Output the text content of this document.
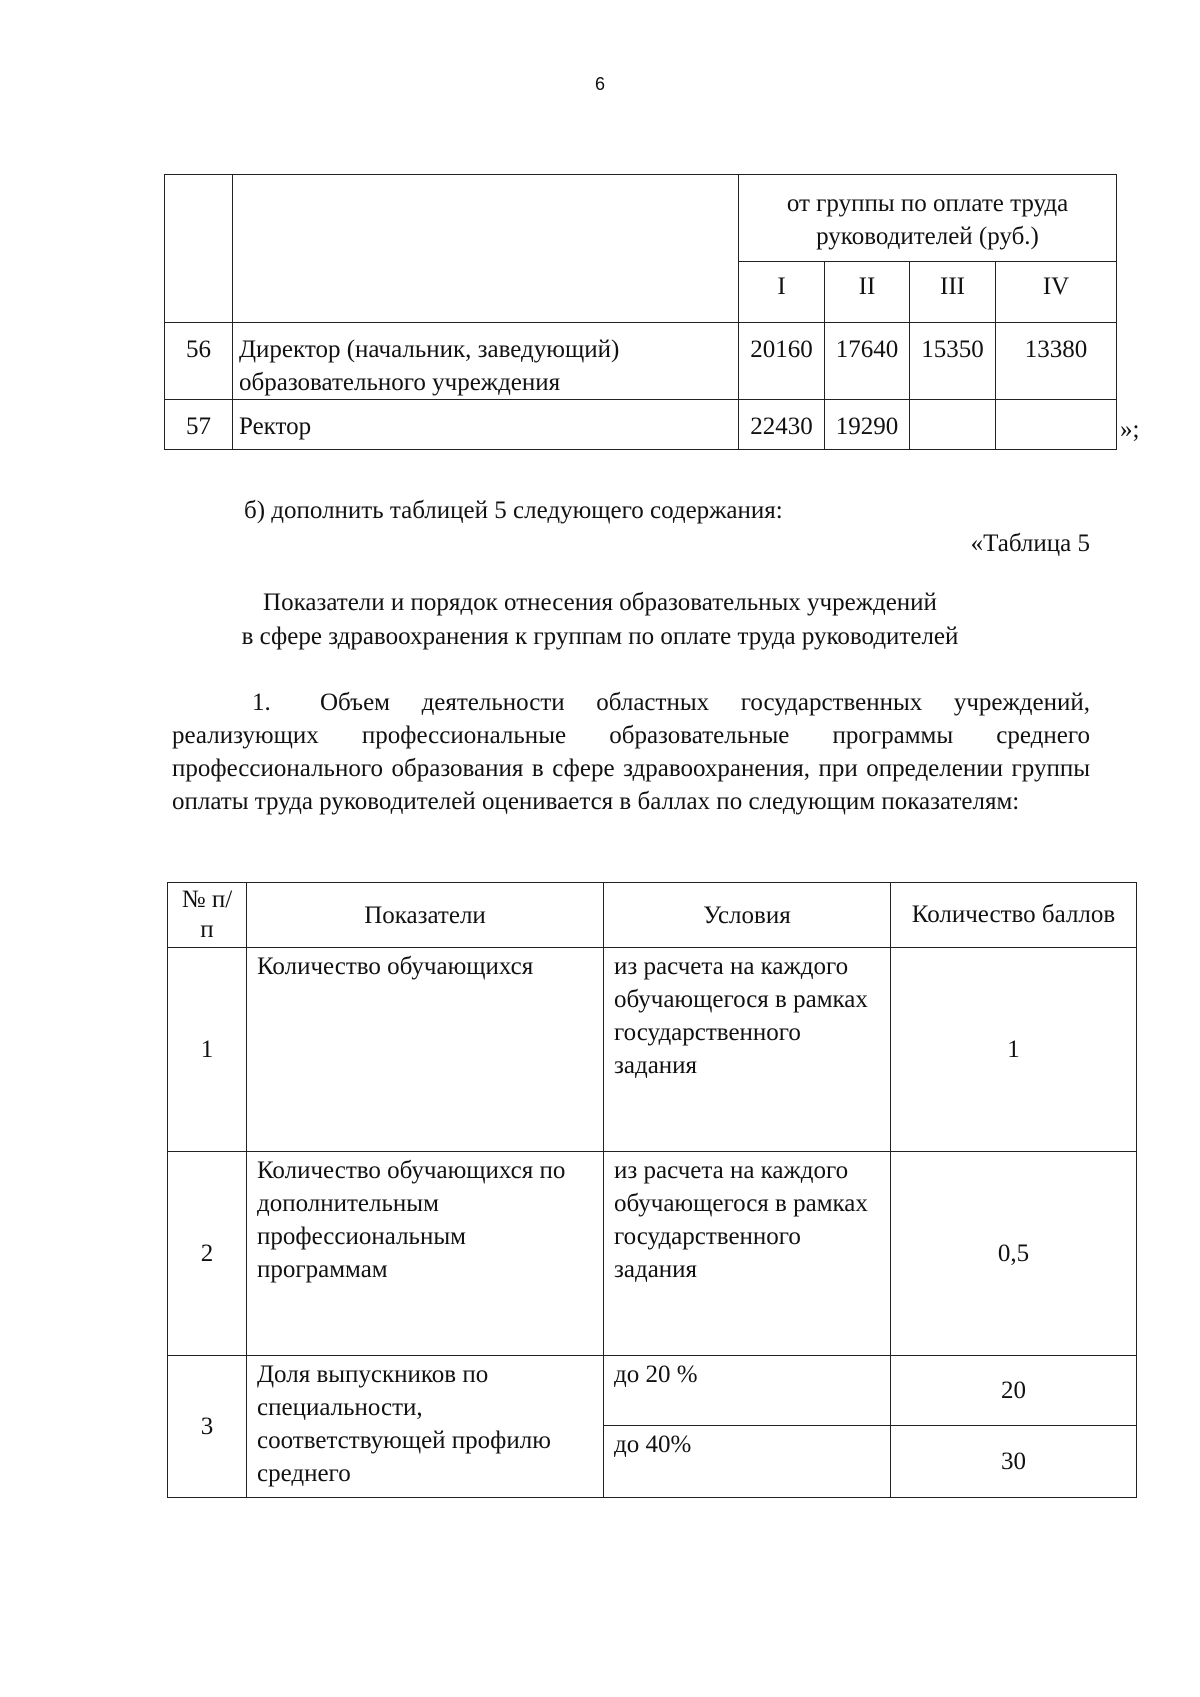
6
		от группы по оплате труда руководителей (руб.)			
		I	II	III	IV
56	Директор (начальник, заведующий) образовательного учреждения	20160	17640	15350	13380
57	Ректор	22430	19290			»;
б) дополнить таблицей 5 следующего содержания:
«Таблица 5
Показатели и порядок отнесения образовательных учреждений
в сфере здравоохранения к группам по оплате труда руководителей
1. Объем деятельности областных государственных учреждений, реализующих профессиональные образовательные программы среднего профессионального образования в сфере здравоохранения, при определении группы оплаты труда руководителей оценивается в баллах по следующим показателям:
№ п/п	Показатели	Условия	Количество баллов
1	Количество обучающихся	из расчета на каждого обучающегося в рамках государственного задания	1
2	Количество обучающихся по дополнительным профессиональным программам	из расчета на каждого обучающегося в рамках государственного задания	0,5
3	Доля выпускников по специальности, соответствующей профилю среднего	до 20 %	20
		до 40%	30
